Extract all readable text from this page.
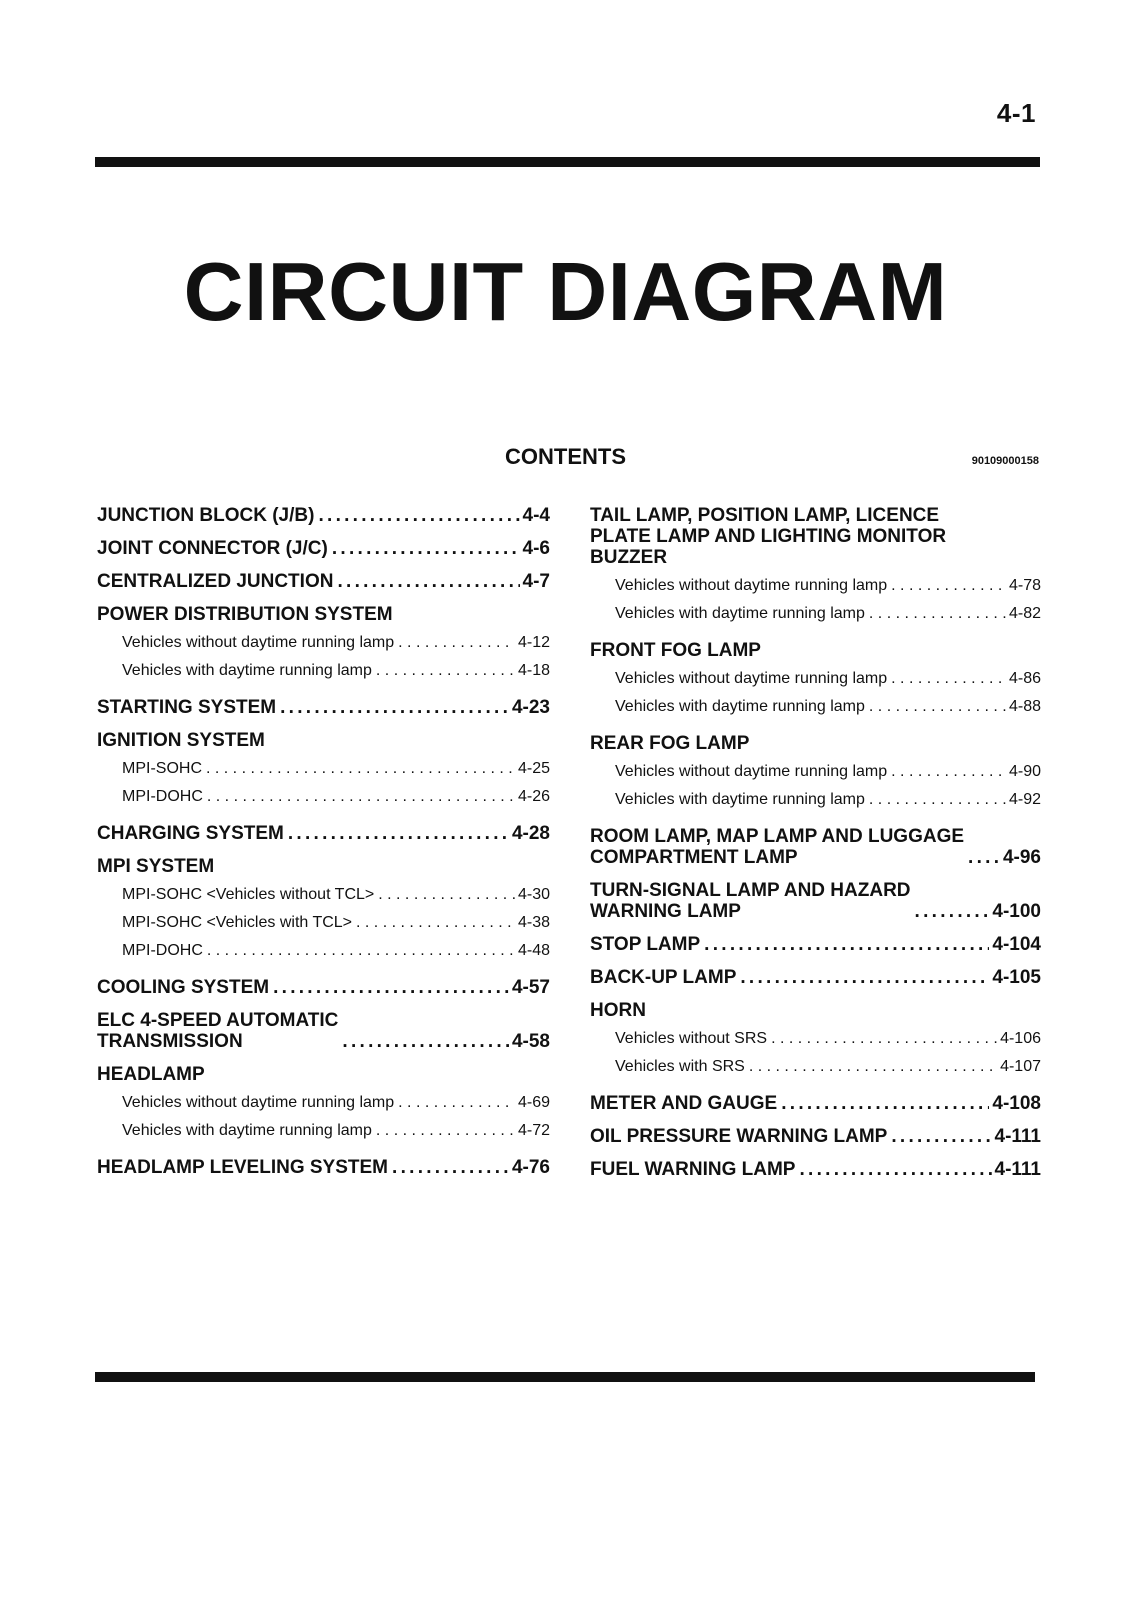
4-1
CIRCUIT DIAGRAM
CONTENTS	90109000158
JUNCTION BLOCK (J/B) . . .	4-4
JOINT CONNECTOR (J/C) . . .	4-6
CENTRALIZED JUNCTION . . .	4-7
POWER DISTRIBUTION SYSTEM
Vehicles without daytime running lamp . . .	4-12
Vehicles with daytime running lamp . . .	4-18
STARTING SYSTEM . . .	4-23
IGNITION SYSTEM
MPI-SOHC . . .	4-25
MPI-DOHC . . .	4-26
CHARGING SYSTEM . . .	4-28
MPI SYSTEM
MPI-SOHC <Vehicles without TCL> . . .	4-30
MPI-SOHC <Vehicles with TCL> . . .	4-38
MPI-DOHC . . .	4-48
COOLING SYSTEM . . .	4-57
ELC 4-SPEED AUTOMATIC
TRANSMISSION . . .	4-58
HEADLAMP
Vehicles without daytime running lamp . . .	4-69
Vehicles with daytime running lamp . . .	4-72
HEADLAMP LEVELING SYSTEM . . .	4-76
TAIL LAMP, POSITION LAMP, LICENCE
PLATE LAMP AND LIGHTING MONITOR
BUZZER
Vehicles without daytime running lamp . . .	4-78
Vehicles with daytime running lamp . . .	4-82
FRONT FOG LAMP
Vehicles without daytime running lamp . . .	4-86
Vehicles with daytime running lamp . . .	4-88
REAR FOG LAMP
Vehicles without daytime running lamp . . .	4-90
Vehicles with daytime running lamp . . .	4-92
ROOM LAMP, MAP LAMP AND LUGGAGE
COMPARTMENT LAMP . . .	4-96
TURN-SIGNAL LAMP AND HAZARD
WARNING LAMP . . .	4-100
STOP LAMP . . .	4-104
BACK-UP LAMP . . .	4-105
HORN
Vehicles without SRS . . .	4-106
Vehicles with SRS . . .	4-107
METER AND GAUGE . . .	4-108
OIL PRESSURE WARNING LAMP . . .	4-111
FUEL WARNING LAMP . . .	4-111
